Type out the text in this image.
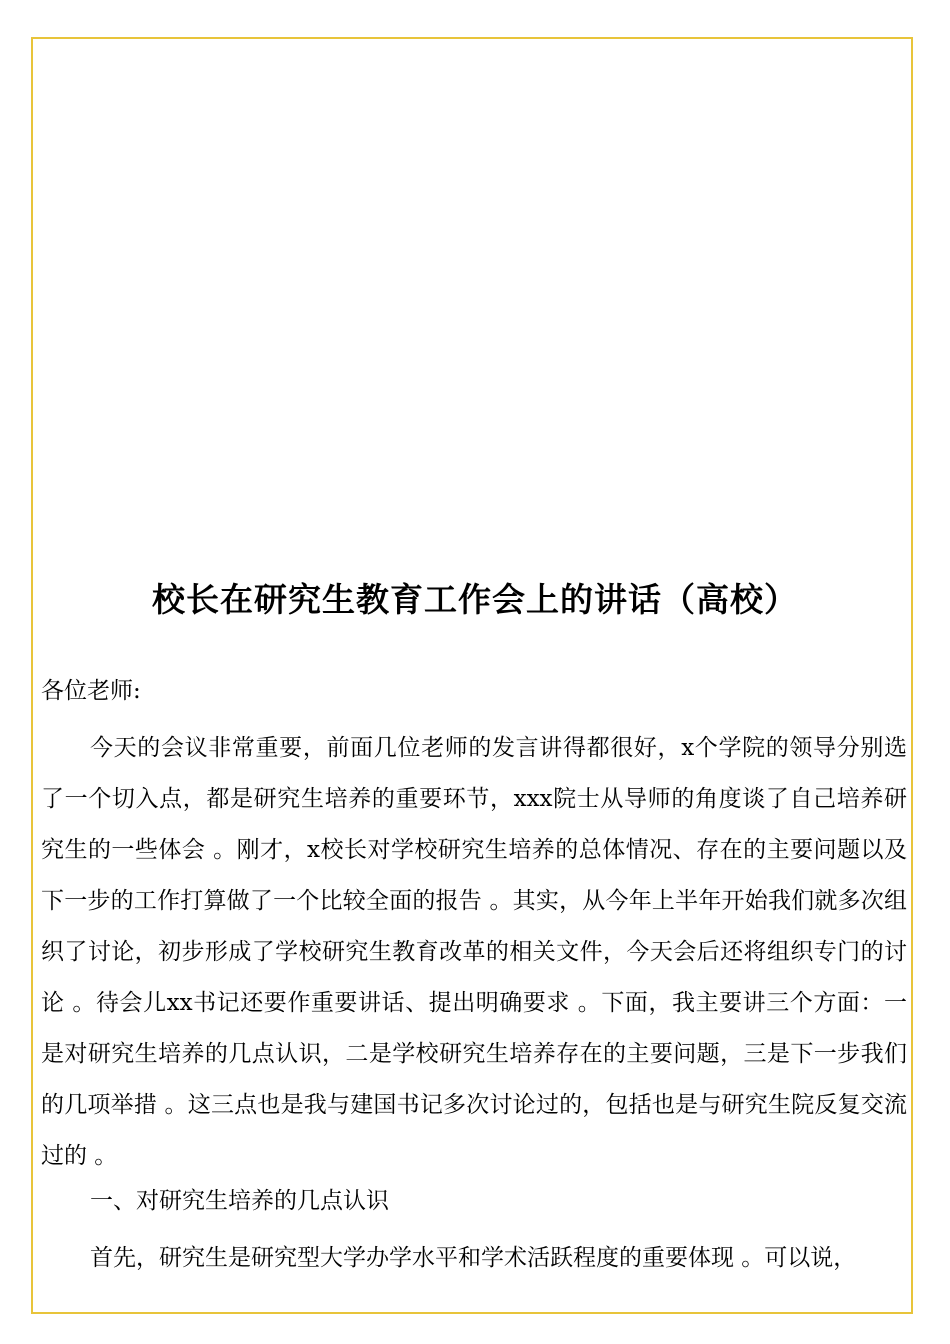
校长在研究生教育工作会上的讲话（高校）
各位老师:

今天的会议非常重要，前面几位老师的发言讲得都很好，x个学院的领导分别选了一个切入点，都是研究生培养的重要环节，xxx院士从导师的角度谈了自己培养研究生的一些体会 。刚才，x校长对学校研究生培养的总体情况、存在的主要问题以及下一步的工作打算做了一个比较全面的报告 。其实，从今年上半年开始我们就多次组织了讨论，初步形成了学校研究生教育改革的相关文件，今天会后还将组织专门的讨论 。待会儿xx书记还要作重要讲话、提出明确要求 。下面，我主要讲三个方面：一是对研究生培养的几点认识，二是学校研究生培养存在的主要问题，三是下一步我们的几项举措 。这三点也是我与建国书记多次讨论过的，包括也是与研究生院反复交流过的 。

一、对研究生培养的几点认识

首先，研究生是研究型大学办学水平和学术活跃程度的重要体现 。可以说，
